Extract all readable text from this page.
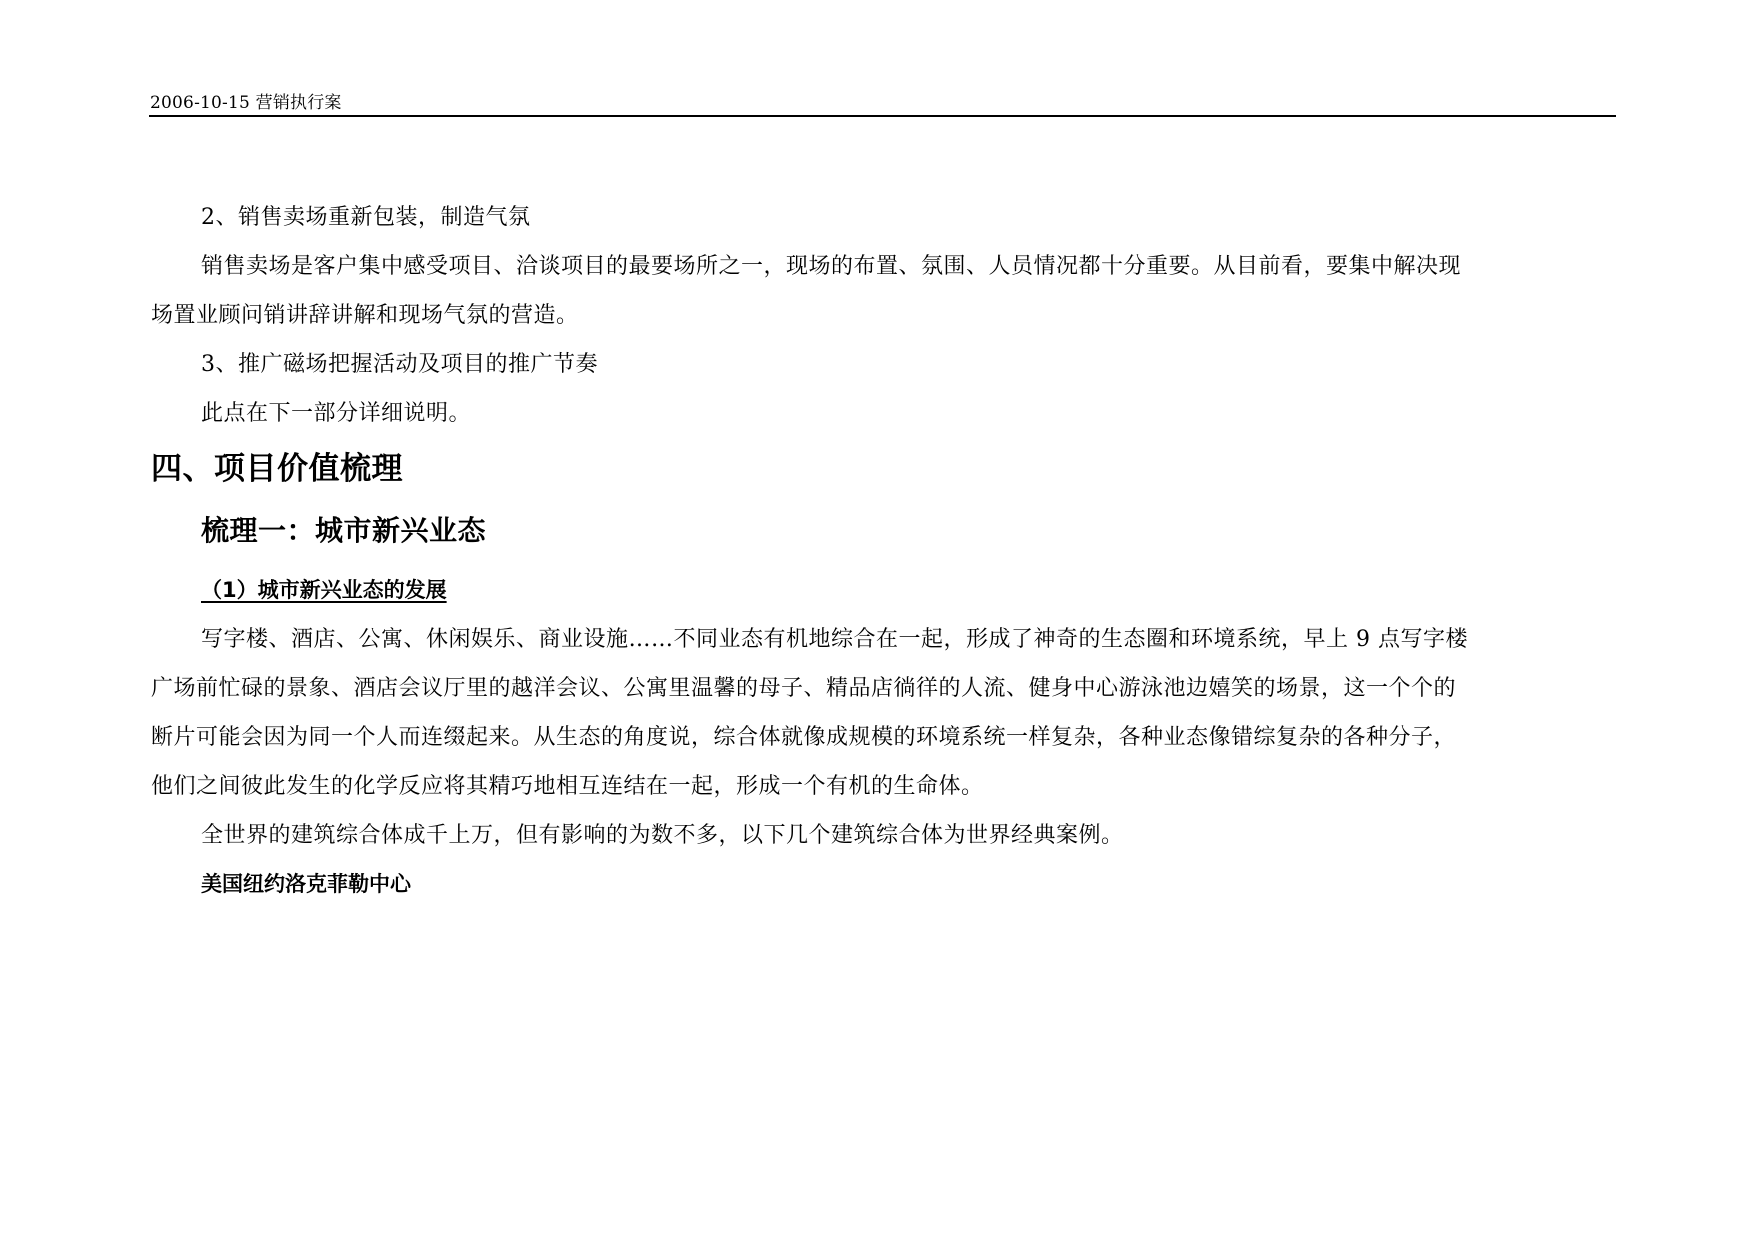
2006-10-15 营销执行案
2、销售卖场重新包装，制造气氛
销售卖场是客户集中感受项目、洽谈项目的最要场所之一，现场的布置、氛围、人员情况都十分重要。从目前看，要集中解决现
场置业顾问销讲辞讲解和现场气氛的营造。
3、推广磁场把握活动及项目的推广节奏
此点在下一部分详细说明。
四、项目价值梳理
梳理一：城市新兴业态
（1）城市新兴业态的发展
写字楼、酒店、公寓、休闲娱乐、商业设施……不同业态有机地综合在一起，形成了神奇的生态圈和环境系统，早上 9 点写字楼
广场前忙碌的景象、酒店会议厅里的越洋会议、公寓里温馨的母子、精品店徜徉的人流、健身中心游泳池边嬉笑的场景，这一个个的
断片可能会因为同一个人而连缀起来。从生态的角度说，综合体就像成规模的环境系统一样复杂，各种业态像错综复杂的各种分子，
他们之间彼此发生的化学反应将其精巧地相互连结在一起，形成一个有机的生命体。
全世界的建筑综合体成千上万，但有影响的为数不多，以下几个建筑综合体为世界经典案例。
美国纽约洛克菲勒中心
